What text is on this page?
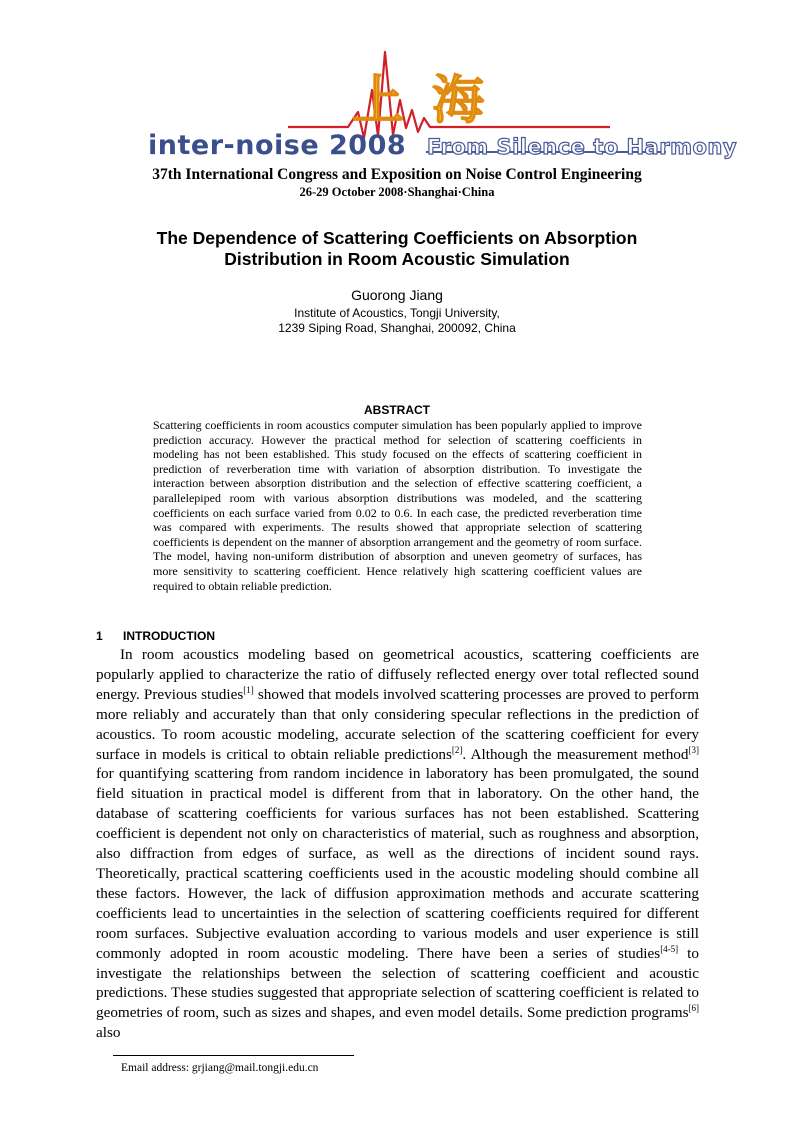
上海
inter-noise 2008 From Silence to Harmony
37th International Congress and Exposition on Noise Control Engineering
26-29 October 2008·Shanghai·China
The Dependence of Scattering Coefficients on Absorption Distribution in Room Acoustic Simulation
Guorong Jiang
Institute of Acoustics, Tongji University,
1239 Siping Road, Shanghai, 200092, China
ABSTRACT
Scattering coefficients in room acoustics computer simulation has been popularly applied to improve prediction accuracy. However the practical method for selection of scattering coefficients in modeling has not been established. This study focused on the effects of scattering coefficient in prediction of reverberation time with variation of absorption distribution. To investigate the interaction between absorption distribution and the selection of effective scattering coefficient, a parallelepiped room with various absorption distributions was modeled, and the scattering coefficients on each surface varied from 0.02 to 0.6. In each case, the predicted reverberation time was compared with experiments. The results showed that appropriate selection of scattering coefficients is dependent on the manner of absorption arrangement and the geometry of room surface. The model, having non-uniform distribution of absorption and uneven geometry of surfaces, has more sensitivity to scattering coefficient. Hence relatively high scattering coefficient values are required to obtain reliable prediction.
1 INTRODUCTION
In room acoustics modeling based on geometrical acoustics, scattering coefficients are popularly applied to characterize the ratio of diffusely reflected energy over total reflected sound energy. Previous studies[1] showed that models involved scattering processes are proved to perform more reliably and accurately than that only considering specular reflections in the prediction of acoustics. To room acoustic modeling, accurate selection of the scattering coefficient for every surface in models is critical to obtain reliable predictions[2]. Although the measurement method[3] for quantifying scattering from random incidence in laboratory has been promulgated, the sound field situation in practical model is different from that in laboratory. On the other hand, the database of scattering coefficients for various surfaces has not been established. Scattering coefficient is dependent not only on characteristics of material, such as roughness and absorption, also diffraction from edges of surface, as well as the directions of incident sound rays. Theoretically, practical scattering coefficients used in the acoustic modeling should combine all these factors. However, the lack of diffusion approximation methods and accurate scattering coefficients lead to uncertainties in the selection of scattering coefficients required for different room surfaces. Subjective evaluation according to various models and user experience is still commonly adopted in room acoustic modeling. There have been a series of studies[4-5] to investigate the relationships between the selection of scattering coefficient and acoustic predictions. These studies suggested that appropriate selection of scattering coefficient is related to geometries of room, such as sizes and shapes, and even model details. Some prediction programs[6] also
Email address: grjiang@mail.tongji.edu.cn
